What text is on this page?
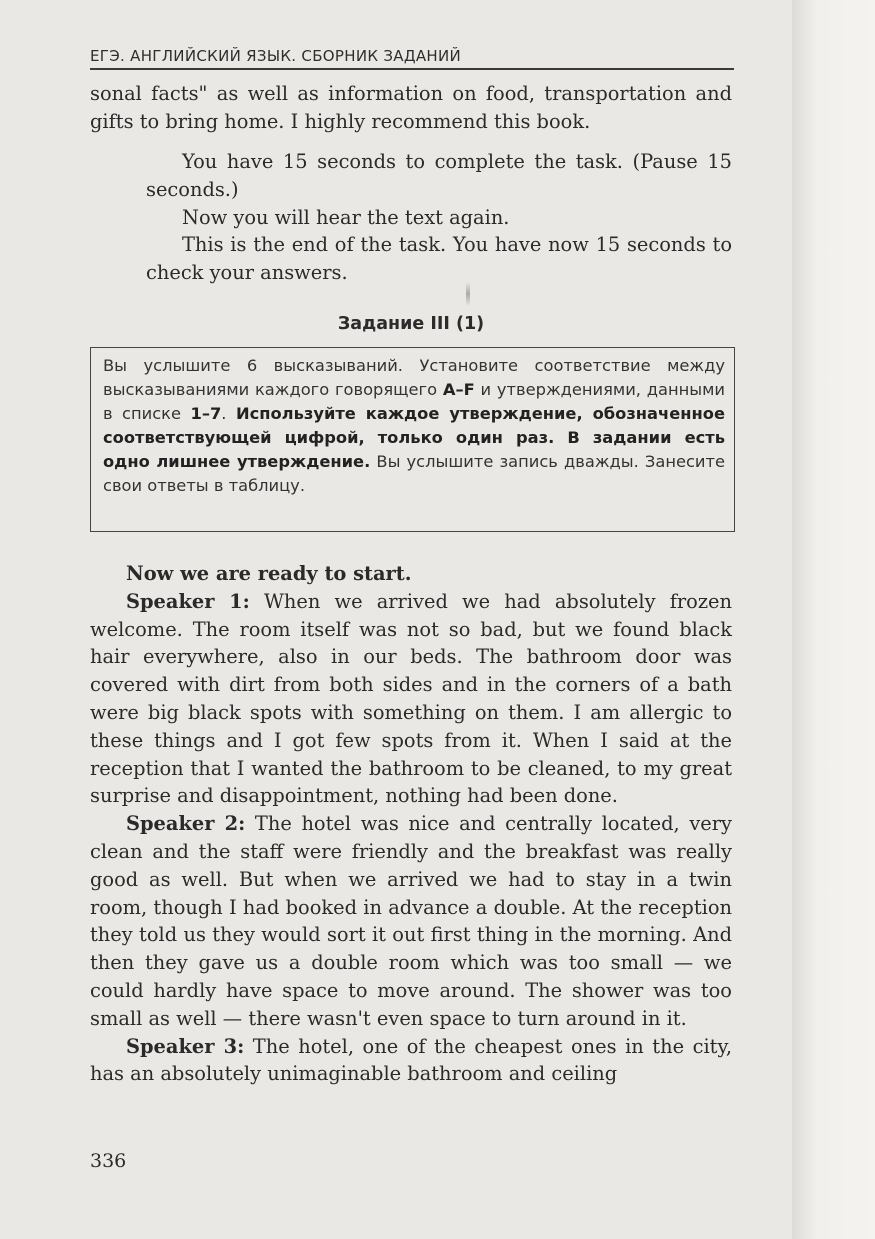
ЕГЭ. АНГЛИЙСКИЙ ЯЗЫК. СБОРНИК ЗАДАНИЙ

sonal facts" as well as information on food, transportation and gifts to bring home. I highly recommend this book.

You have 15 seconds to complete the task. (Pause 15 seconds.)

Now you will hear the text again.

This is the end of the task. You have now 15 seconds to check your answers.

Задание III (1)
Вы услышите 6 высказываний. Установите соответствие между высказываниями каждого говорящего A–F и утверждениями, данными в списке 1–7. Используйте каждое утверждение, обозначенное соответствующей цифрой, только один раз. В задании есть одно лишнее утверждение. Вы услышите запись дважды. Занесите свои ответы в таблицу.

Now we are ready to start.

Speaker 1: When we arrived we had absolutely frozen welcome. The room itself was not so bad, but we found black hair everywhere, also in our beds. The bathroom door was covered with dirt from both sides and in the corners of a bath were big black spots with something on them. I am allergic to these things and I got few spots from it. When I said at the reception that I wanted the bathroom to be cleaned, to my great surprise and disappointment, nothing had been done.

Speaker 2: The hotel was nice and centrally located, very clean and the staff were friendly and the breakfast was really good as well. But when we arrived we had to stay in a twin room, though I had booked in advance a double. At the reception they told us they would sort it out first thing in the morning. And then they gave us a double room which was too small — we could hardly have space to move around. The shower was too small as well — there wasn't even space to turn around in it.

Speaker 3: The hotel, one of the cheapest ones in the city, has an absolutely unimaginable bathroom and ceiling

336
